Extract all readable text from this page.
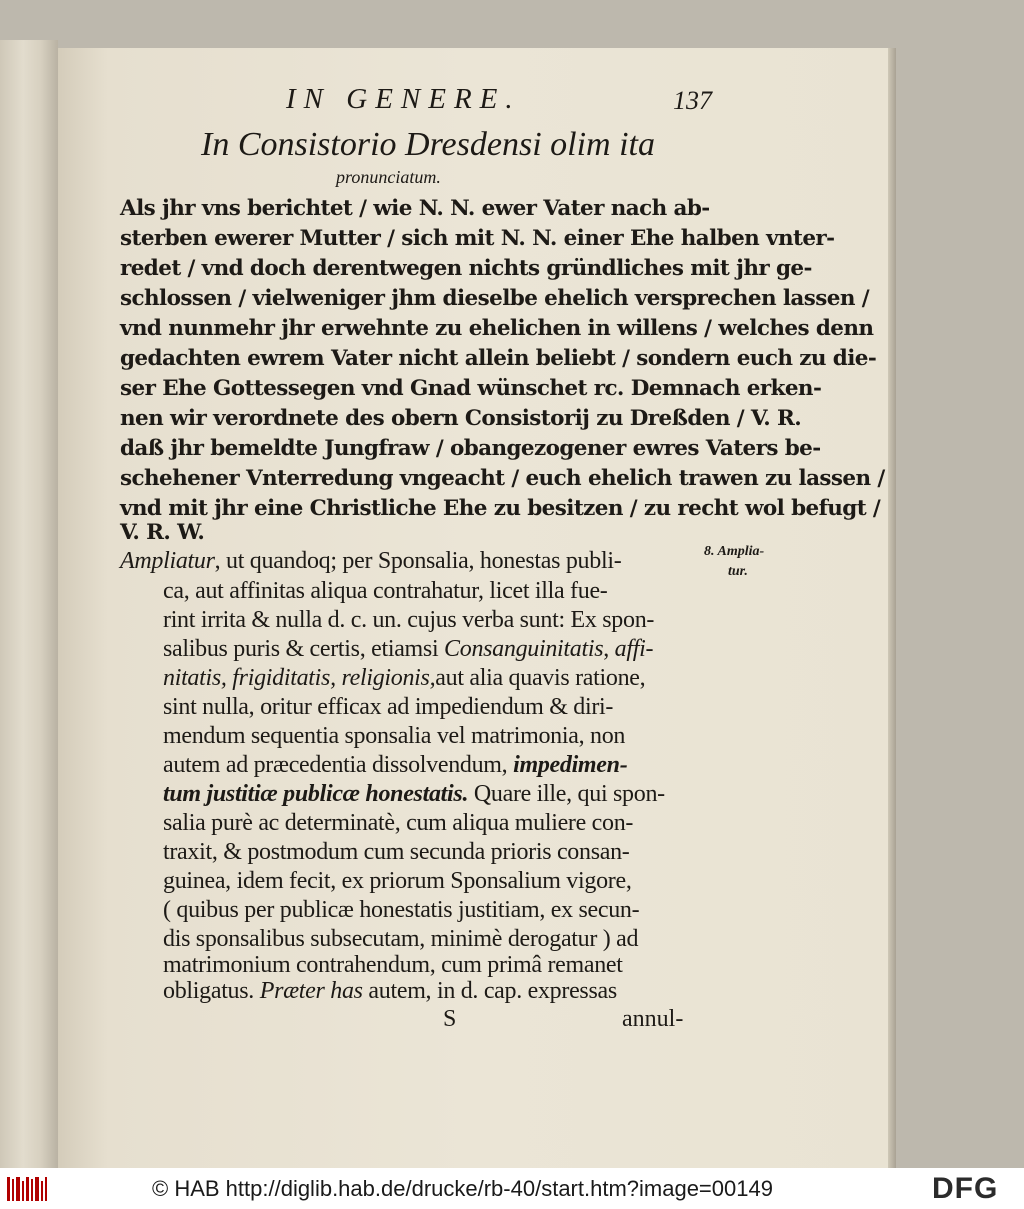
IN GENERE.	137
In Consistorio Dresdensi olim ita
pronunciatum.
Als jhr vns berichtet / wie N. N. ewer Vater nach ab-
sterben ewerer Mutter / sich mit N. N. einer Ehe halben vnter-
redet / vnd doch derentwegen nichts gründliches mit jhr ge-
schlossen / vielweniger jhm dieselbe ehelich versprechen lassen /
vnd nunmehr jhr erwehnte zu ehelichen in willens / welches denn
gedachten ewrem Vater nicht allein beliebt / sondern euch zu die-
ser Ehe Gottessegen vnd Gnad wünschet rc. Demnach erken-
nen wir verordnete des obern Consistorij zu Dreßden / V. R.
daß jhr bemeldte Jungfraw / obangezogener ewres Vaters be-
schehener Vnterredung vngeacht / euch ehelich trawen zu lassen /
vnd mit jhr eine Christliche Ehe zu besitzen / zu recht wol befugt /
V. R. W.
Ampliatur, ut quandoq; per Sponsalia, honestas publi-
ca, aut affinitas aliqua contrahatur, licet illa fue-
rint irrita & nulla d. c. un. cujus verba sunt: Ex spon-
salibus puris & certis, etiamsi Consanguinitatis, affi-
nitatis, frigiditatis, religionis,aut alia quavis ratione,
sint nulla, oritur efficax ad impediendum & diri-
mendum sequentia sponsalia vel matrimonia, non
autem ad præcedentia dissolvendum, impedimen-
tum justitiæ publicæ honestatis. Quare ille, qui spon-
salia purè ac determinatè, cum aliqua muliere con-
traxit, & postmodum cum secunda prioris consan-
guinea, idem fecit, ex priorum Sponsalium vigore,
( quibus per publicæ honestatis justitiam, ex secun-
dis sponsalibus subsecutam, minimè derogatur ) ad
matrimonium contrahendum, cum primâ remanet
obligatus. Præter has autem, in d. cap. expressas
S	annul-
8. Amplia-
tur.
© HAB http://diglib.hab.de/drucke/rb-40/start.htm?image=00149	DFG
